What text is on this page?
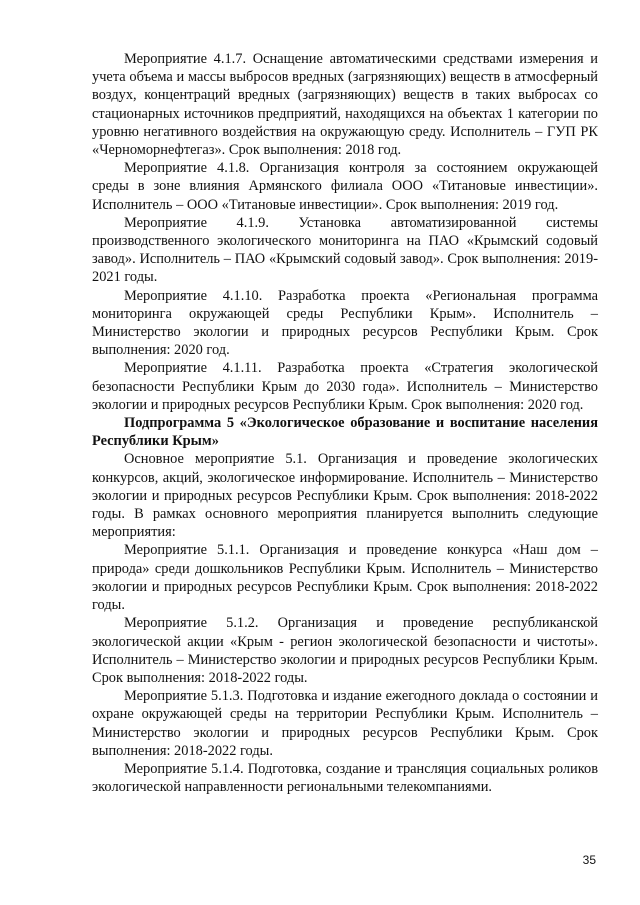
Мероприятие 4.1.7. Оснащение автоматическими средствами измерения и учета объема и массы выбросов вредных (загрязняющих) веществ в атмосферный воздух, концентраций вредных (загрязняющих) веществ в таких выбросах со стационарных источников предприятий, находящихся на объектах 1 категории по уровню негативного воздействия на окружающую среду. Исполнитель – ГУП РК «Черноморнефтегаз». Срок выполнения: 2018 год.

Мероприятие 4.1.8. Организация контроля за состоянием окружающей среды в зоне влияния Армянского филиала ООО «Титановые инвестиции». Исполнитель – ООО «Титановые инвестиции». Срок выполнения: 2019 год.

Мероприятие 4.1.9. Установка автоматизированной системы производственного экологического мониторинга на ПАО «Крымский содовый завод». Исполнитель – ПАО «Крымский содовый завод». Срок выполнения: 2019-2021 годы.

Мероприятие 4.1.10. Разработка проекта «Региональная программа мониторинга окружающей среды Республики Крым». Исполнитель – Министерство экологии и природных ресурсов Республики Крым. Срок выполнения: 2020 год.

Мероприятие 4.1.11. Разработка проекта «Стратегия экологической безопасности Республики Крым до 2030 года». Исполнитель – Министерство экологии и природных ресурсов Республики Крым. Срок выполнения: 2020 год.

Подпрограмма 5 «Экологическое образование и воспитание населения Республики Крым»

Основное мероприятие 5.1. Организация и проведение экологических конкурсов, акций, экологическое информирование. Исполнитель – Министерство экологии и природных ресурсов Республики Крым. Срок выполнения: 2018-2022 годы. В рамках основного мероприятия планируется выполнить следующие мероприятия:

Мероприятие 5.1.1. Организация и проведение конкурса «Наш дом – природа» среди дошкольников Республики Крым. Исполнитель – Министерство экологии и природных ресурсов Республики Крым. Срок выполнения: 2018-2022 годы.

Мероприятие 5.1.2. Организация и проведение республиканской экологической акции «Крым - регион экологической безопасности и чистоты». Исполнитель – Министерство экологии и природных ресурсов Республики Крым. Срок выполнения: 2018-2022 годы.

Мероприятие 5.1.3. Подготовка и издание ежегодного доклада о состоянии и охране окружающей среды на территории Республики Крым. Исполнитель – Министерство экологии и природных ресурсов Республики Крым. Срок выполнения: 2018-2022 годы.

Мероприятие 5.1.4. Подготовка, создание и трансляция социальных роликов экологической направленности региональными телекомпаниями.

35
